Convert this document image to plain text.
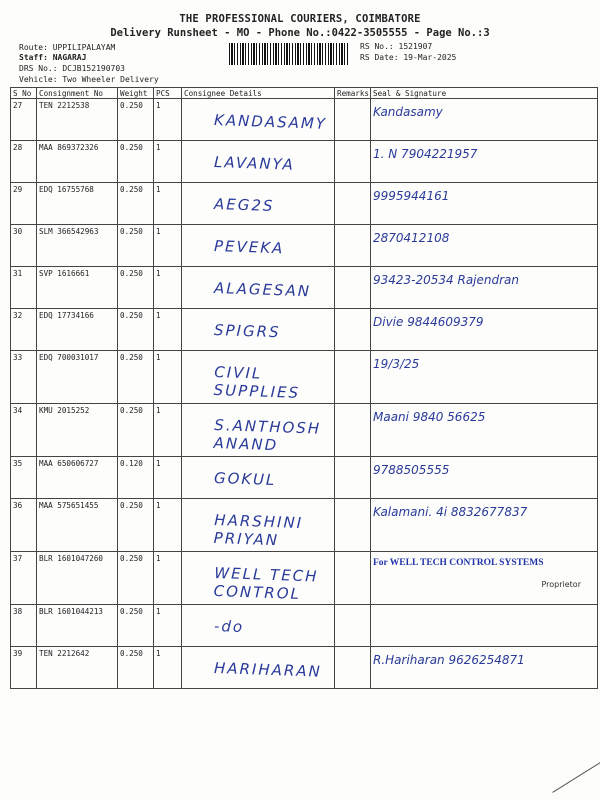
THE PROFESSIONAL COURIERS, COIMBATORE
Delivery Runsheet - MO - Phone No.:0422-3505555 - Page No.:3
Route: UPPILIPALAYAM
Staff: NAGARAJ
DRS No.: DCJB152190703
Vehicle: Two Wheeler Delivery
RS No.: 1521907
RS Date: 19-Mar-2025
S No	Consignment No	Weight	PCS	Consignee Details	Remarks	Seal & Signature
27	TEN 2212538	0.250	1	KANDASAMY		Kandasamy

28	MAA 869372326	0.250	1	LAVANYA		1. N 7904221957

29	EDQ 16755768	0.250	1	AEG2S		9995944161

30	SLM 366542963	0.250	1	PEVEKA		2870412108

31	SVP 1616661	0.250	1	ALAGESAN		93423-20534 Rajendran

32	EDQ 17734166	0.250	1	SPIGRS		Divie 9844609379

33	EDQ 700031017	0.250	1	CIVIL SUPPLIES		19/3/25

34	KMU 2015252	0.250	1	S.ANTHOSH ANAND		Maani 9840 56625

35	MAA 650606727	0.120	1	GOKUL		9788505555

36	MAA 575651455	0.250	1	HARSHINI PRIYAN		Kalamani. 4i 8832677837

37	BLR 1601047260	0.250	1	WELL TECH CONTROL		For WELL TECH CONTROL SYSTEMS
Proprietor

38	BLR 1601044213	0.250	1	-do		

39	TEN 2212642	0.250	1	HARIHARAN		R.Hariharan 9626254871
